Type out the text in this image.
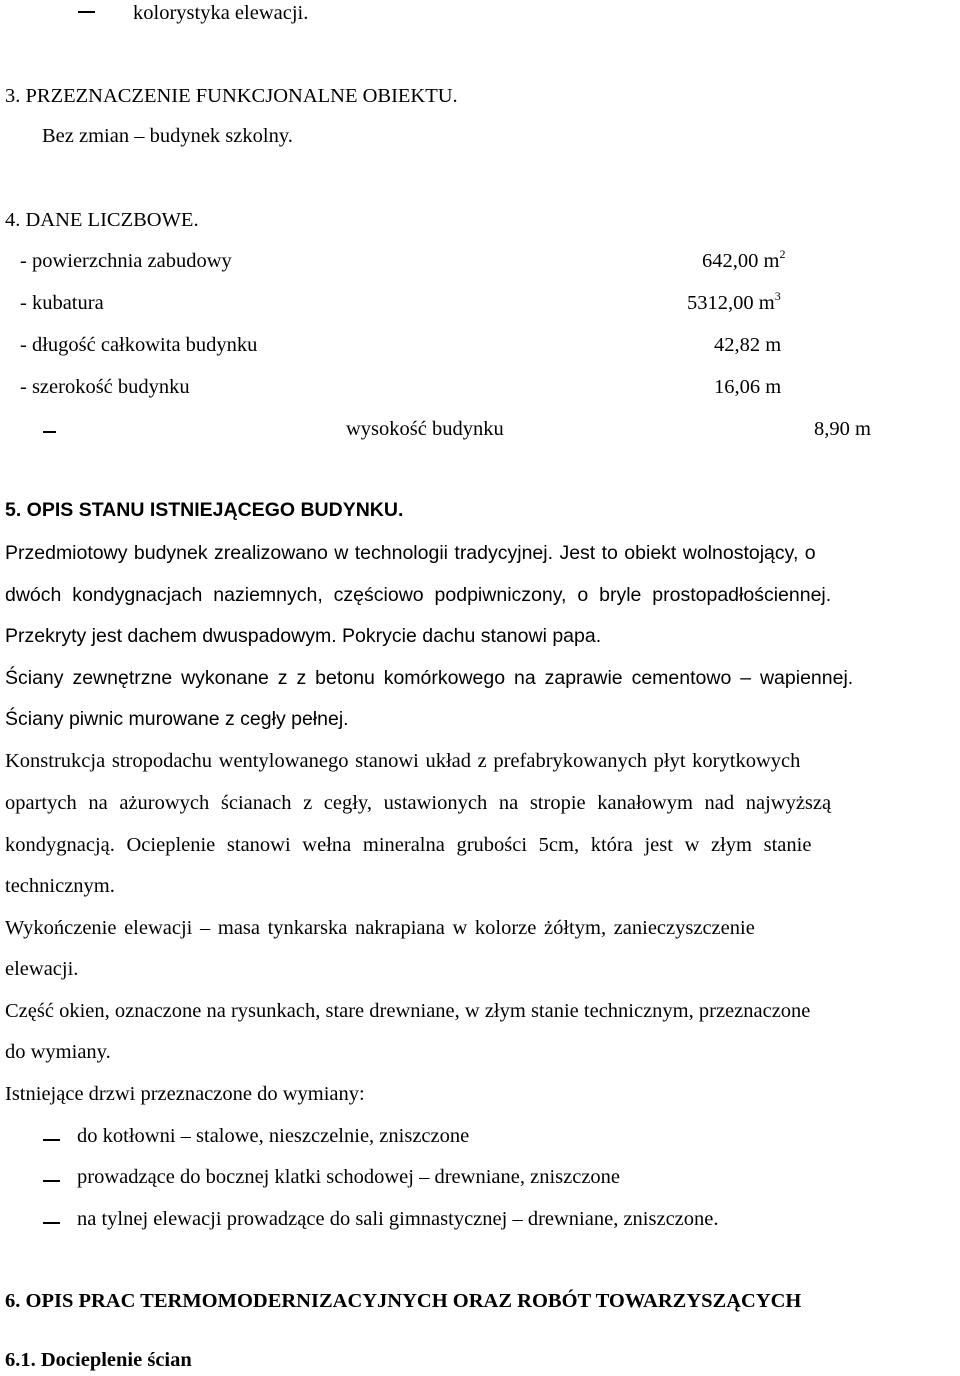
kolorystyka elewacji.
3. PRZEZNACZENIE FUNKCJONALNE OBIEKTU.
Bez zmian – budynek szkolny.
4. DANE LICZBOWE.
- powierzchnia zabudowy	642,00 $m^2$
- kubatura	5312,00 $m^3$
- długość całkowita budynku	42,82 m
- szerokość budynku	16,06 m
wysokość budynku	8,90 m
5. OPIS STANU ISTNIEJĄCEGO BUDYNKU.
Przedmiotowy budynek zrealizowano w technologii tradycyjnej. Jest to obiekt wolnostojący, o
dwóch kondygnacjach naziemnych, częściowo podpiwniczony, o bryle prostopadłościennej.
Przekryty jest dachem dwuspadowym. Pokrycie dachu stanowi papa.
Ściany zewnętrzne wykonane z z betonu komórkowego na zaprawie cementowo – wapiennej.
Ściany piwnic murowane z cegły pełnej.
Konstrukcja stropodachu wentylowanego stanowi układ z prefabrykowanych płyt korytkowych
opartych na ażurowych ścianach z cegły, ustawionych na stropie kanałowym nad najwyższą
kondygnacją. Ocieplenie stanowi wełna mineralna grubości 5cm, która jest w złym stanie
technicznym.
Wykończenie elewacji – masa tynkarska nakrapiana w kolorze żółtym, zanieczyszczenie
elewacji.
Część okien, oznaczone na rysunkach, stare drewniane, w złym stanie technicznym, przeznaczone
do wymiany.
Istniejące drzwi przeznaczone do wymiany:
do kotłowni – stalowe, nieszczelnie, zniszczone
prowadzące do bocznej klatki schodowej – drewniane, zniszczone
na tylnej elewacji prowadzące do sali gimnastycznej – drewniane, zniszczone.
6. OPIS PRAC TERMOMODERNIZACYJNYCH ORAZ ROBÓT TOWARZYSZĄCYCH
6.1. Docieplenie ścian
